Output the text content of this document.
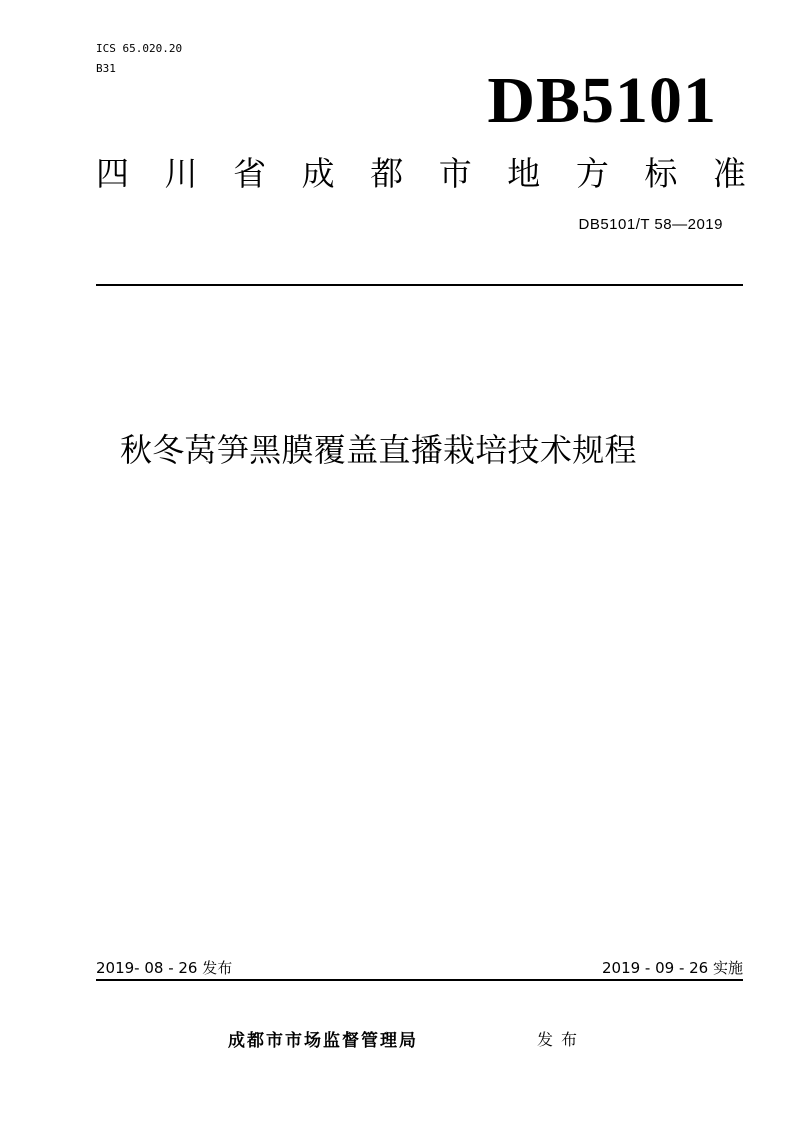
ICS 65.020.20
B31	DB5101
四 川 省 成 都 市 地 方 标 准
DB5101/T 58—2019
秋冬莴笋黑膜覆盖直播栽培技术规程
2019- 08 - 26 发布	2019 - 09 - 26 实施
成都市市场监督管理局	发布
